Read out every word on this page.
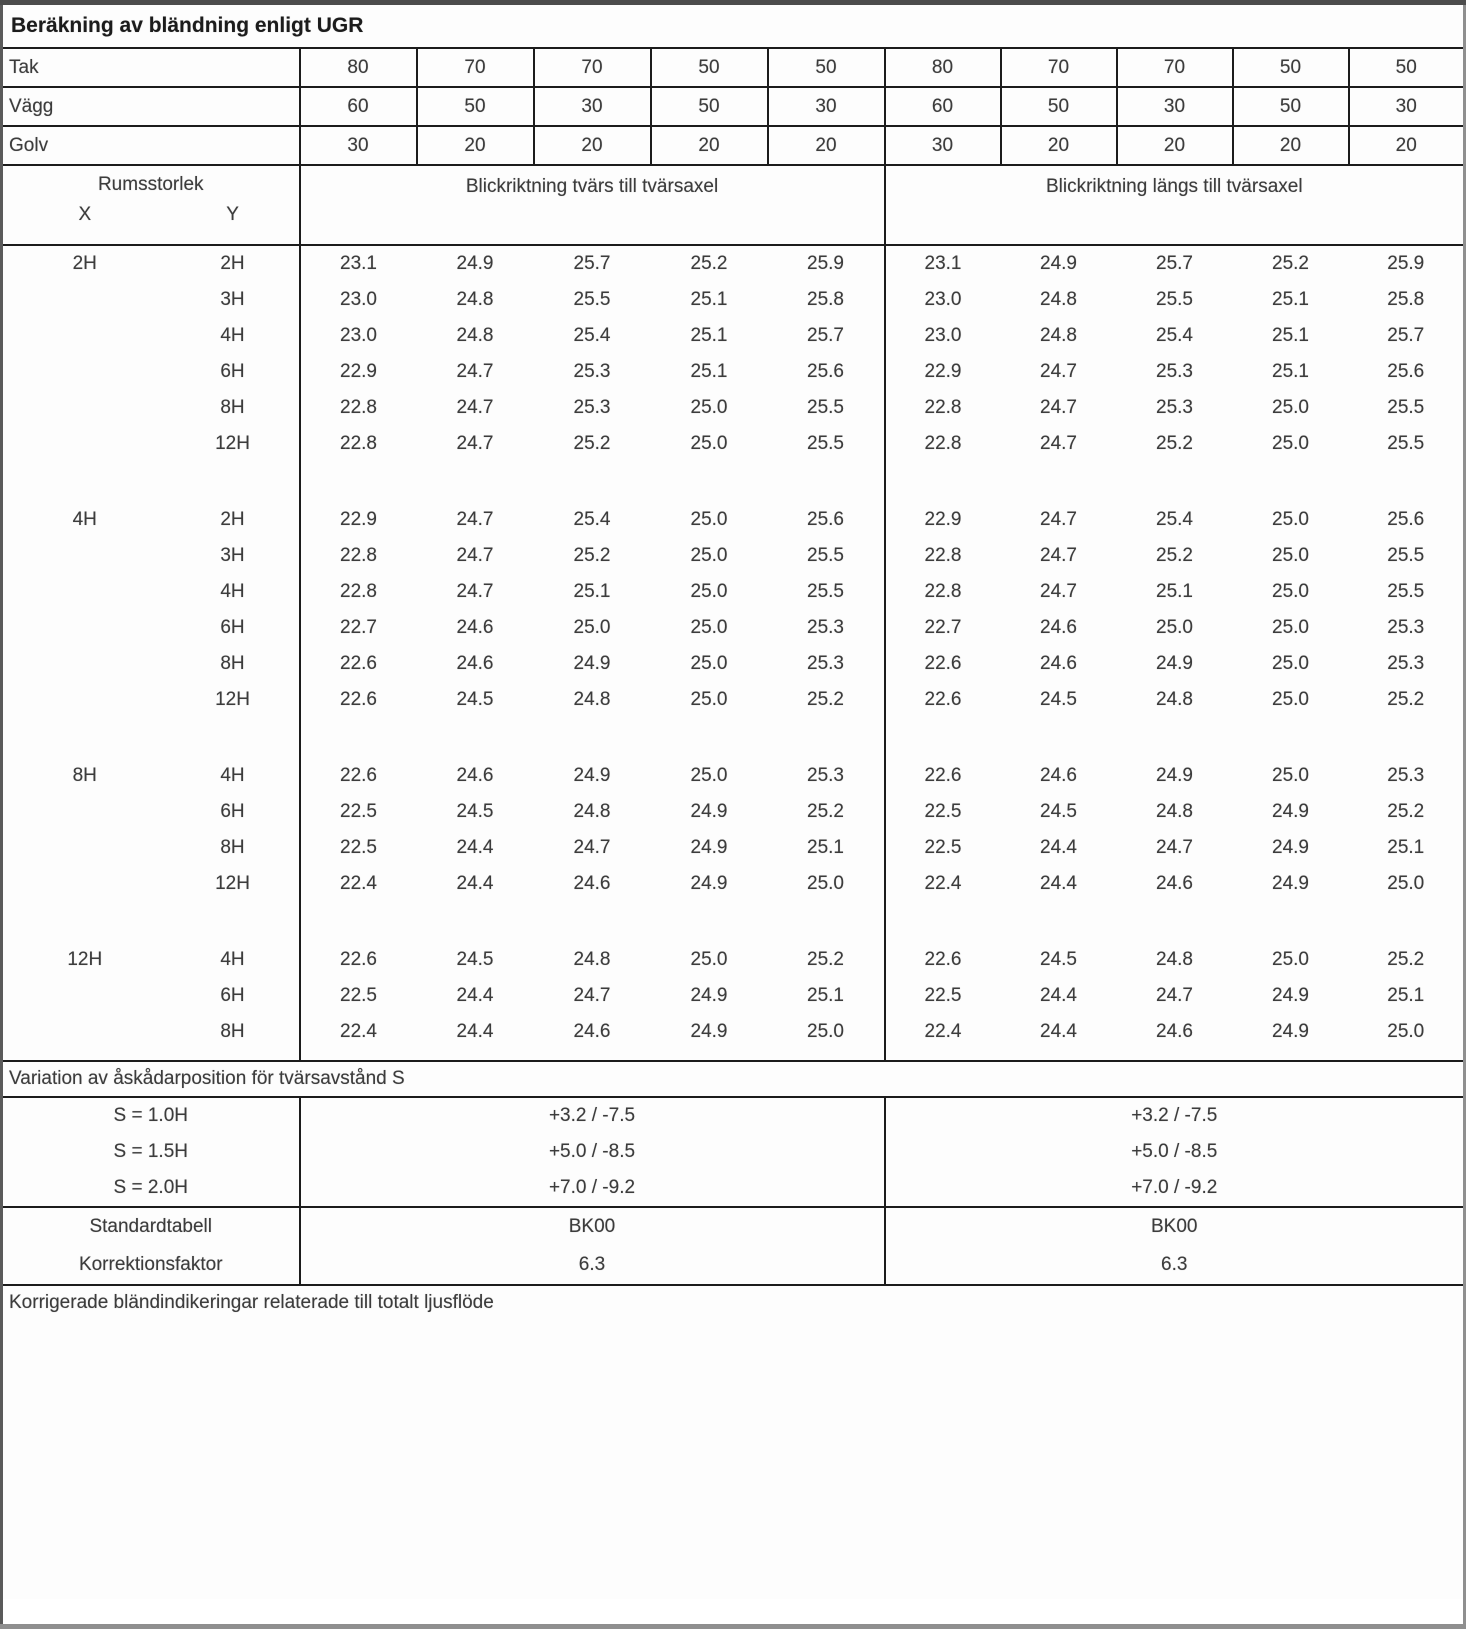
Beräkning av bländning enligt UGR											
Tak		80	70	70	50	50	80	70	70	50	50
Vägg		60	50	30	50	30	60	50	30	50	30
Golv		30	20	20	20	20	30	20	20	20	20

Rumsstorlek
X Y		Blickriktning tvärs till tvärsaxel					Blickriktning längs till tvärsaxel				
2H	2H	23.1	24.9	25.7	25.2	25.9	23.1	24.9	25.7	25.2	25.9
	3H	23.0	24.8	25.5	25.1	25.8	23.0	24.8	25.5	25.1	25.8
	4H	23.0	24.8	25.4	25.1	25.7	23.0	24.8	25.4	25.1	25.7
	6H	22.9	24.7	25.3	25.1	25.6	22.9	24.7	25.3	25.1	25.6
	8H	22.8	24.7	25.3	25.0	25.5	22.8	24.7	25.3	25.0	25.5
	12H	22.8	24.7	25.2	25.0	25.5	22.8	24.7	25.2	25.0	25.5

4H	2H	22.9	24.7	25.4	25.0	25.6	22.9	24.7	25.4	25.0	25.6
	3H	22.8	24.7	25.2	25.0	25.5	22.8	24.7	25.2	25.0	25.5
	4H	22.8	24.7	25.1	25.0	25.5	22.8	24.7	25.1	25.0	25.5
	6H	22.7	24.6	25.0	25.0	25.3	22.7	24.6	25.0	25.0	25.3
	8H	22.6	24.6	24.9	25.0	25.3	22.6	24.6	24.9	25.0	25.3
	12H	22.6	24.5	24.8	25.0	25.2	22.6	24.5	24.8	25.0	25.2

8H	4H	22.6	24.6	24.9	25.0	25.3	22.6	24.6	24.9	25.0	25.3
	6H	22.5	24.5	24.8	24.9	25.2	22.5	24.5	24.8	24.9	25.2
	8H	22.5	24.4	24.7	24.9	25.1	22.5	24.4	24.7	24.9	25.1
	12H	22.4	24.4	24.6	24.9	25.0	22.4	24.4	24.6	24.9	25.0

12H	4H	22.6	24.5	24.8	25.0	25.2	22.6	24.5	24.8	25.0	25.2
	6H	22.5	24.4	24.7	24.9	25.1	22.5	24.4	24.7	24.9	25.1
	8H	22.4	24.4	24.6	24.9	25.0	22.4	24.4	24.6	24.9	25.0

Variation av åskådarposition för tvärsavstånd S											
S = 1.0H		+3.2 / -7.5					+3.2 / -7.5				
S = 1.5H		+5.0 / -8.5					+5.0 / -8.5				
S = 2.0H		+7.0 / -9.2					+7.0 / -9.2				
Standardtabell		BK00					BK00				
Korrektionsfaktor		6.3					6.3				
Korrigerade bländindikeringar relaterade till totalt ljusflöde											
